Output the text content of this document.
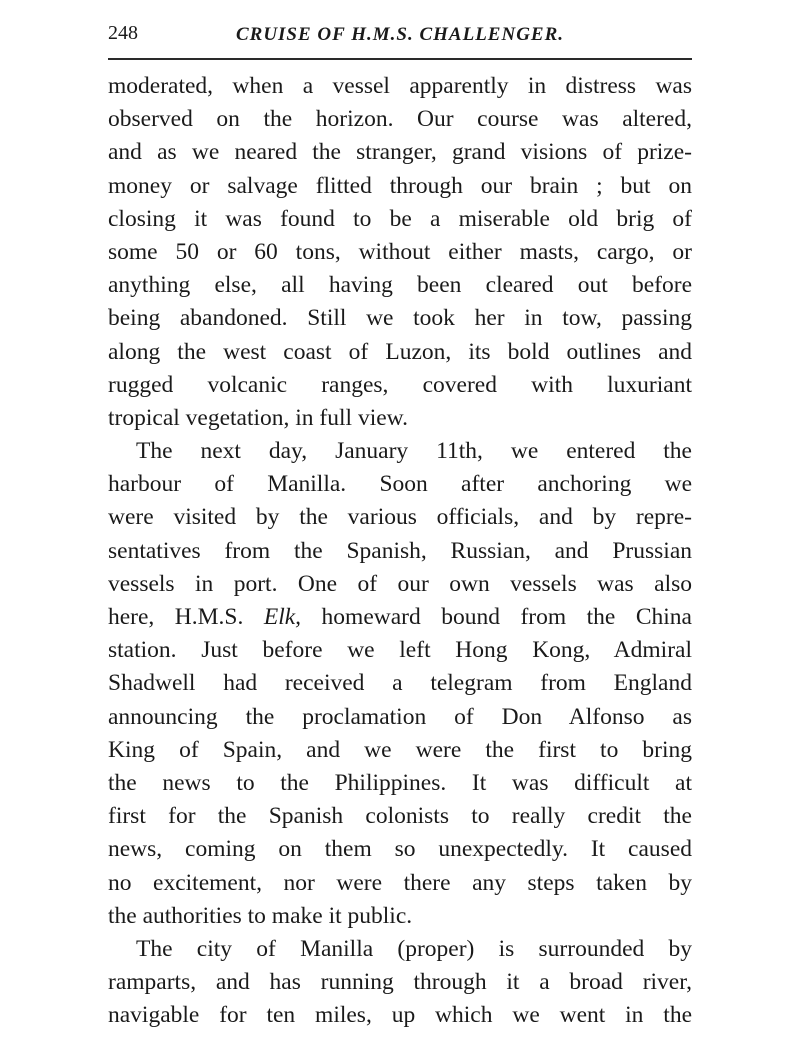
248	CRUISE OF H.M.S. CHALLENGER.
moderated, when a vessel apparently in distress was
observed on the horizon. Our course was altered,
and as we neared the stranger, grand visions of prize-
money or salvage flitted through our brain ; but on
closing it was found to be a miserable old brig of
some 50 or 60 tons, without either masts, cargo, or
anything else, all having been cleared out before
being abandoned. Still we took her in tow, passing
along the west coast of Luzon, its bold outlines and
rugged volcanic ranges, covered with luxuriant
tropical vegetation, in full view.
The next day, January 11th, we entered the
harbour of Manilla. Soon after anchoring we
were visited by the various officials, and by repre-
sentatives from the Spanish, Russian, and Prussian
vessels in port. One of our own vessels was also
here, H.M.S. Elk, homeward bound from the China
station. Just before we left Hong Kong, Admiral
Shadwell had received a telegram from England
announcing the proclamation of Don Alfonso as
King of Spain, and we were the first to bring
the news to the Philippines. It was difficult at
first for the Spanish colonists to really credit the
news, coming on them so unexpectedly. It caused
no excitement, nor were there any steps taken by
the authorities to make it public.
The city of Manilla (proper) is surrounded by
ramparts, and has running through it a broad river,
navigable for ten miles, up which we went in the
